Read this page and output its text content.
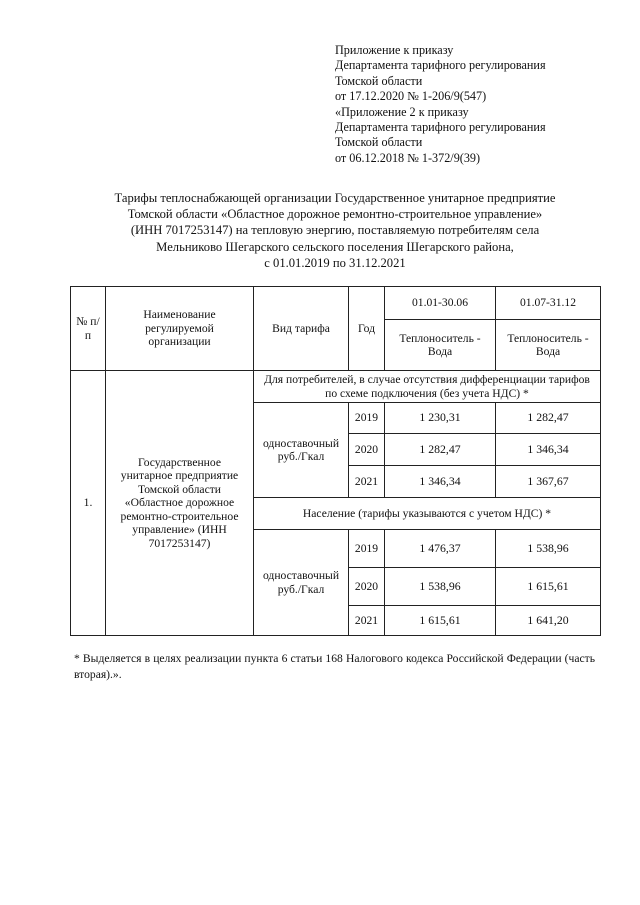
Приложение к приказу
Департамента тарифного регулирования
Томской области
от 17.12.2020 № 1-206/9(547)
«Приложение 2 к приказу
Департамента тарифного регулирования
Томской области
от 06.12.2018 № 1-372/9(39)
Тарифы теплоснабжающей организации Государственное унитарное предприятие
Томской области «Областное дорожное ремонтно-строительное управление»
(ИНН 7017253147) на тепловую энергию, поставляемую потребителям села
Мельниково Шегарского сельского поселения Шегарского района,
с 01.01.2019 по 31.12.2021
№ п/п	Наименование регулируемой организации	Вид тарифа	Год	01.01-30.06	01.07-31.12
				Теплоноситель - Вода	Теплоноситель - Вода
1.	Государственное унитарное предприятие Томской области «Областное дорожное ремонтно-строительное управление» (ИНН 7017253147)	Для потребителей, в случае отсутствия дифференциации тарифов по схеме подключения (без учета НДС) *			
		одноставочный руб./Гкал	2019	1 230,31	1 282,47
			2020	1 282,47	1 346,34
			2021	1 346,34	1 367,67
		Население (тарифы указываются с учетом НДС) *			
		одноставочный руб./Гкал	2019	1 476,37	1 538,96
			2020	1 538,96	1 615,61
			2021	1 615,61	1 641,20
* Выделяется в целях реализации пункта 6 статьи 168 Налогового кодекса Российской Федерации (часть вторая).».
